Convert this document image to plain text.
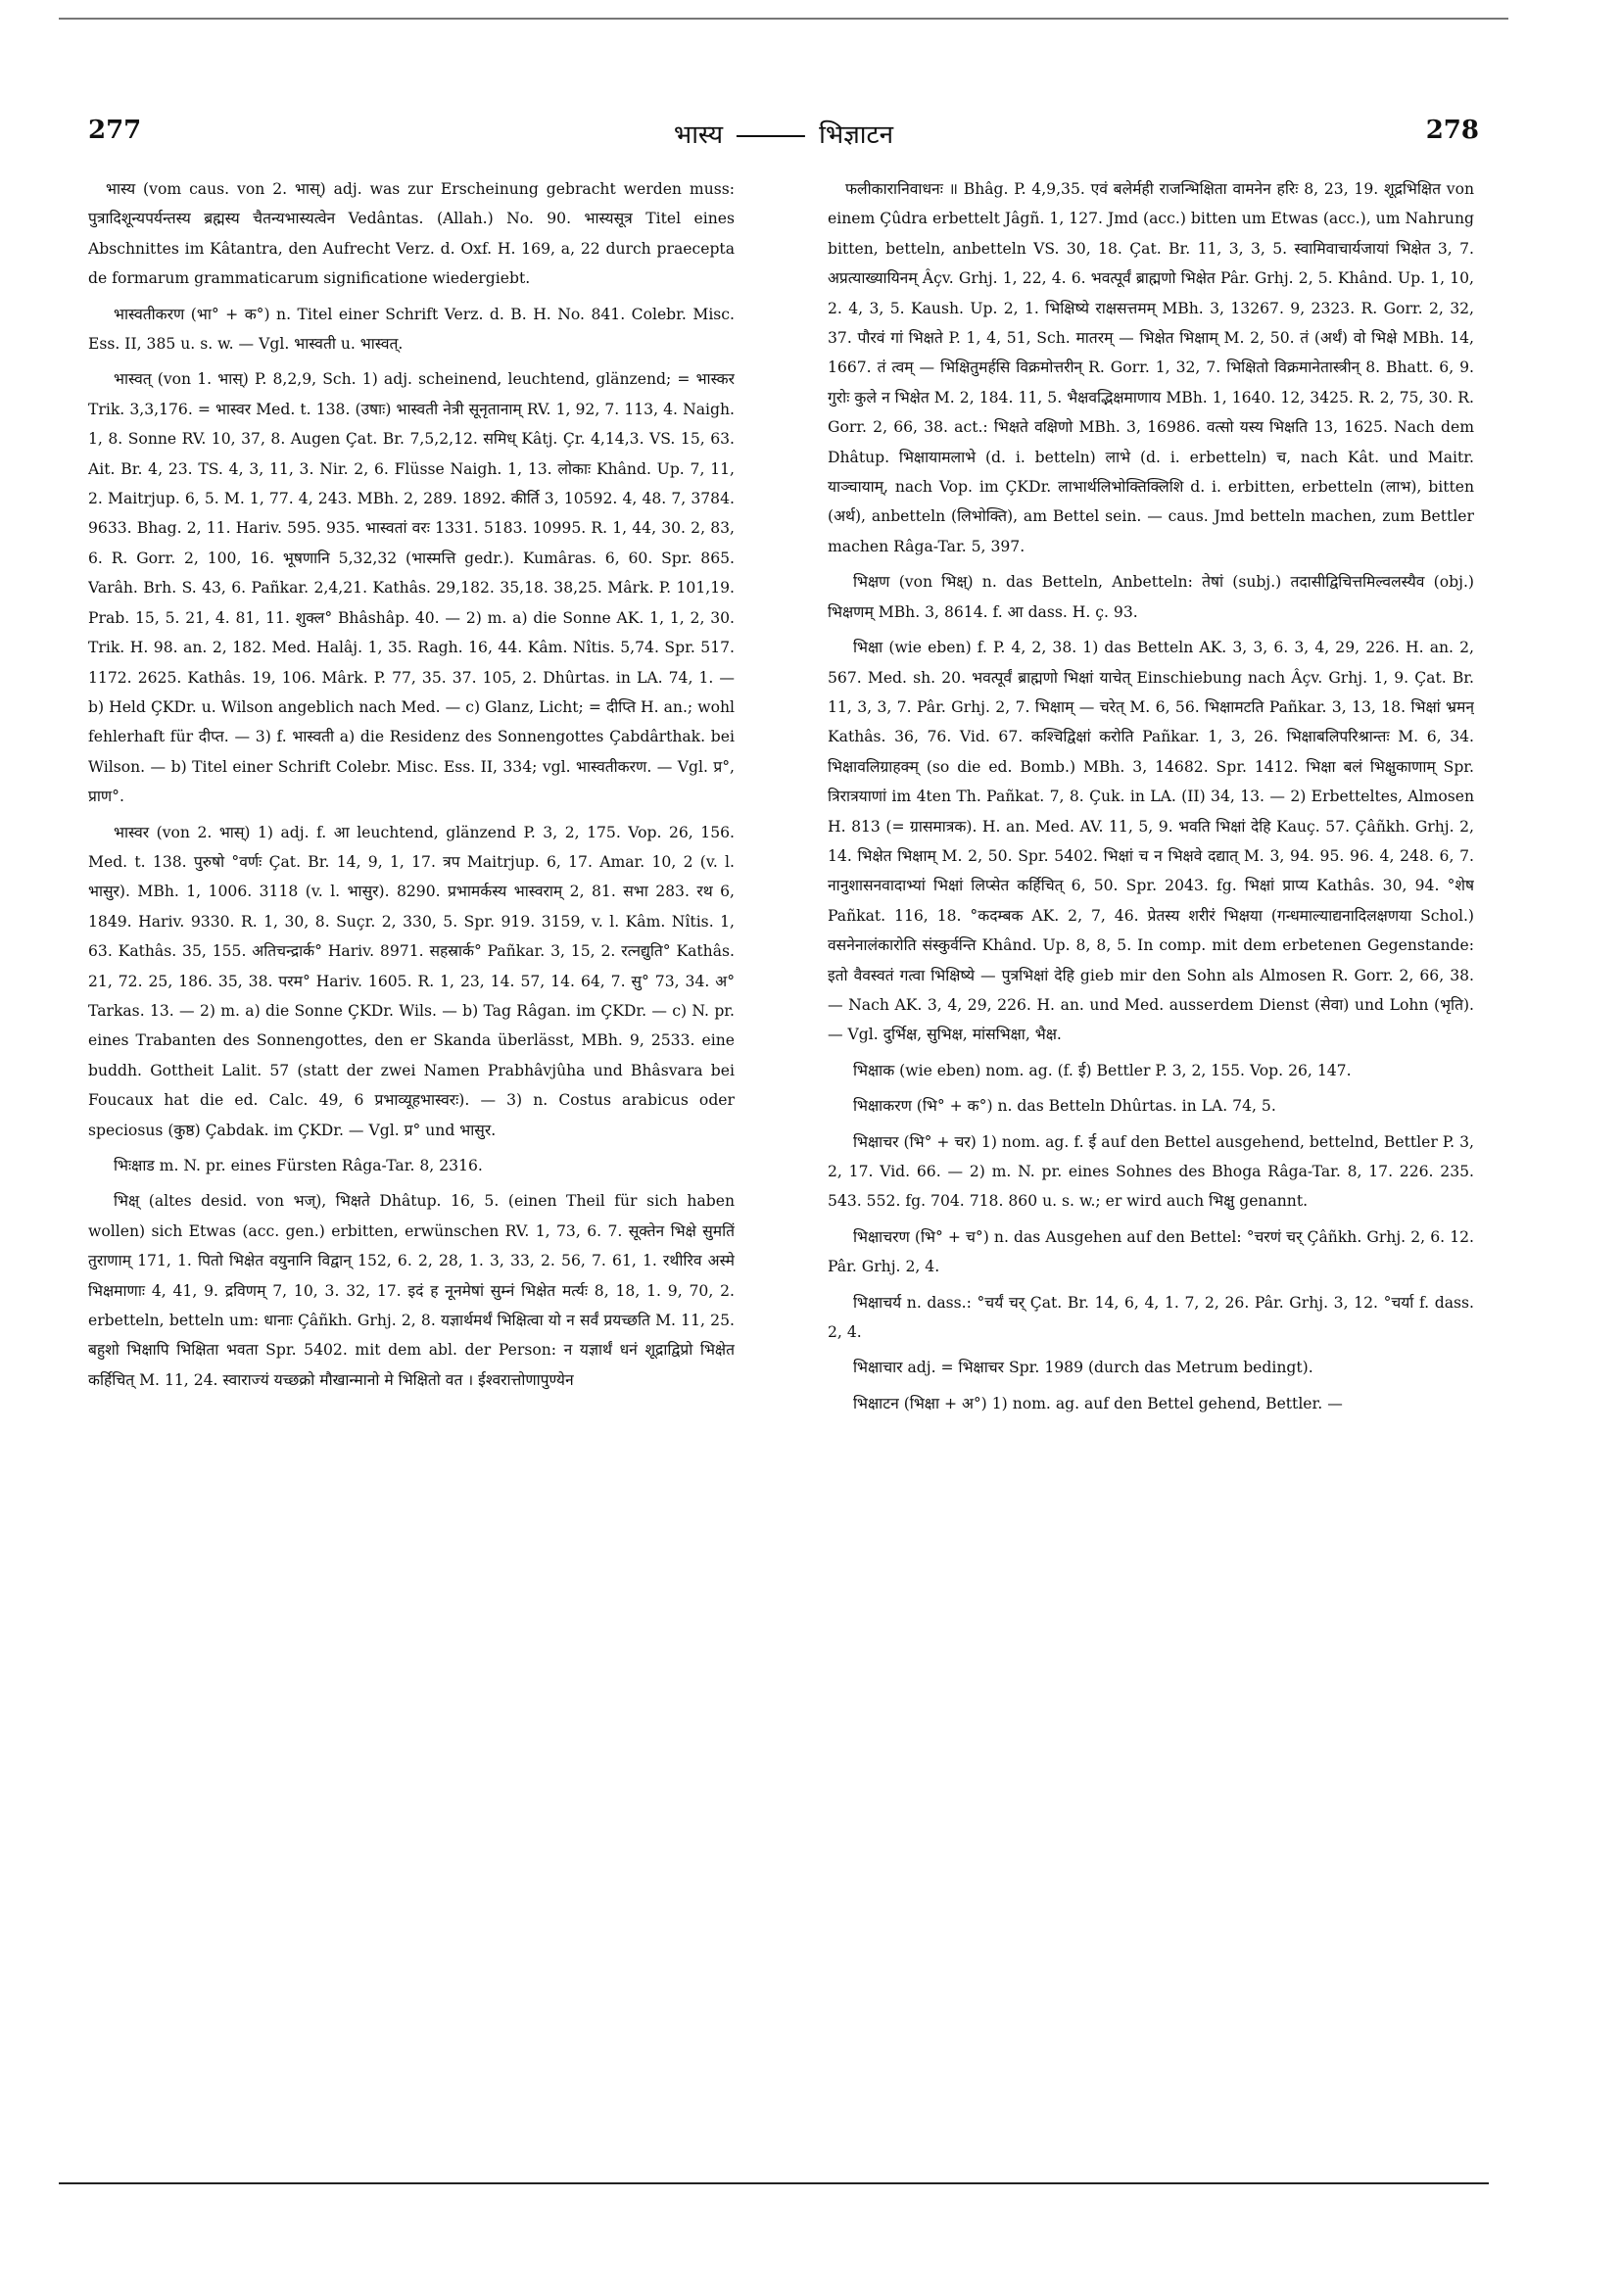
277	भास्य	भिज्ञाटन	278

भास्य (vom caus. von 2. भास्) adj. was zur Erscheinung gebracht werden muss: पुत्रादिशून्यपर्यन्तस्य ब्रह्मस्य चैतन्यभास्यत्वेन Vedântas. (Allah.) No. 90. भास्यसूत्र Titel eines Abschnittes im Kâtantra, den Aufrecht Verz. d. Oxf. H. 169, a, 22 durch praecepta de formarum grammaticarum significatione wiedergiebt.

भास्वतीकरण (भा° + क°) n. Titel einer Schrift Verz. d. B. H. No. 841. Colebr. Misc. Ess. II, 385 u. s. w. — Vgl. भास्वती u. भास्वत्.

भास्वत् (von 1. भास्) P. 8,2,9, Sch. 1) adj. scheinend, leuchtend, glänzend; = भास्कर Trik. 3,3,176. = भास्वर Med. t. 138. (उषाः) भास्वती नेत्री सूनृतानाम् RV. 1, 92, 7. 113, 4. Naigh. 1, 8. Sonne RV. 10, 37, 8. Augen Çat. Br. 7,5,2,12. समिध् Kâtj. Çr. 4,14,3. VS. 15, 63. Ait. Br. 4, 23. TS. 4, 3, 11, 3. Nir. 2, 6. Flüsse Naigh. 1, 13. लोकाः Khând. Up. 7, 11, 2. Maitrjup. 6, 5. M. 1, 77. 4, 243. MBh. 2, 289. 1892. कीर्ति 3, 10592. 4, 48. 7, 3784. 9633. Bhag. 2, 11. Hariv. 595. 935. भास्वतां वरः 1331. 5183. 10995. R. 1, 44, 30. 2, 83, 6. R. Gorr. 2, 100, 16. भूषणानि 5,32,32 (भास्मत्ति gedr.). Kumâras. 6, 60. Spr. 865. Varâh. Brh. S. 43, 6. Pañkar. 2,4,21. Kathâs. 29,182. 35,18. 38,25. Mârk. P. 101,19. Prab. 15, 5. 21, 4. 81, 11. शुक्ल° Bhâshâp. 40. — 2) m. a) die Sonne AK. 1, 1, 2, 30. Trik. H. 98. an. 2, 182. Med. Halâj. 1, 35. Ragh. 16, 44. Kâm. Nîtis. 5,74. Spr. 517. 1172. 2625. Kathâs. 19, 106. Mârk. P. 77, 35. 37. 105, 2. Dhûrtas. in LA. 74, 1. — b) Held ÇKDr. u. Wilson angeblich nach Med. — c) Glanz, Licht; = दीप्ति H. an.; wohl fehlerhaft für दीप्त. — 3) f. भास्वती a) die Residenz des Sonnengottes Çabdârthak. bei Wilson. — b) Titel einer Schrift Colebr. Misc. Ess. II, 334; vgl. भास्वतीकरण. — Vgl. प्र°, प्राण°.

भास्वर (von 2. भास्) 1) adj. f. आ leuchtend, glänzend P. 3, 2, 175. Vop. 26, 156. Med. t. 138. पुरुषो °वर्णः Çat. Br. 14, 9, 1, 17. त्रप Maitrjup. 6, 17. Amar. 10, 2 (v. l. भासुर). MBh. 1, 1006. 3118 (v. l. भासुर). 8290. प्रभामर्कस्य भास्वराम् 2, 81. सभा 283. रथ 6, 1849. Hariv. 9330. R. 1, 30, 8. Suçr. 2, 330, 5. Spr. 919. 3159, v. l. Kâm. Nîtis. 1, 63. Kathâs. 35, 155. अतिचन्द्रार्क° Hariv. 8971. सहस्रार्क° Pañkar. 3, 15, 2. रत्नद्युति° Kathâs. 21, 72. 25, 186. 35, 38. परम° Hariv. 1605. R. 1, 23, 14. 57, 14. 64, 7. सु° 73, 34. अ° Tarkas. 13. — 2) m. a) die Sonne ÇKDr. Wils. — b) Tag Râgan. im ÇKDr. — c) N. pr. eines Trabanten des Sonnengottes, den er Skanda überlässt, MBh. 9, 2533. eine buddh. Gottheit Lalit. 57 (statt der zwei Namen Prabhâvjûha und Bhâsvara bei Foucaux hat die ed. Calc. 49, 6 प्रभाव्यूहभास्वरः). — 3) n. Costus arabicus oder speciosus (कुष्ठ) Çabdak. im ÇKDr. — Vgl. प्र° und भासुर.

भिःक्षाड m. N. pr. eines Fürsten Râga-Tar. 8, 2316.

भिक्ष् (altes desid. von भज्), भिक्षते Dhâtup. 16, 5. (einen Theil für sich haben wollen) sich Etwas (acc. gen.) erbitten, erwünschen RV. 1, 73, 6. 7. सूक्तेन भिक्षे सुमतिं तुराणाम् 171, 1. पितो भिक्षेत वयुनानि विद्वान् 152, 6. 2, 28, 1. 3, 33, 2. 56, 7. 61, 1. रथीरिव अस्मे भिक्षमाणाः 4, 41, 9. द्रविणम् 7, 10, 3. 32, 17. इदं ह नूनमेषां सुम्नं भिक्षेत मर्त्यः 8, 18, 1. 9, 70, 2. erbetteln, betteln um: धानाः Çâñkh. Grhj. 2, 8. यज्ञार्थमर्थं भिक्षित्वा यो न सर्वं प्रयच्छति M. 11, 25. बहुशो भिक्षापि भिक्षिता भवता Spr. 5402. mit dem abl. der Person: न यज्ञार्थं धनं शूद्राद्विप्रो भिक्षेत कर्हिचित् M. 11, 24. स्वाराज्यं यच्छक्रो मौखान्मानो मे भिक्षितो वत । ईश्वरात्तोणापुण्येन

फलीकारानिवाधनः ॥ Bhâg. P. 4,9,35. एवं बलेर्मही राजन्भिक्षिता वामनेन हरिः 8, 23, 19. शूद्रभिक्षित von einem Çûdra erbettelt Jâgñ. 1, 127. Jmd (acc.) bitten um Etwas (acc.), um Nahrung bitten, betteln, anbetteln VS. 30, 18. Çat. Br. 11, 3, 3, 5. स्वामिवाचार्यजायां भिक्षेत 3, 7. अप्रत्याख्यायिनम् Âçv. Grhj. 1, 22, 4. 6. भवत्पूर्वं ब्राह्मणो भिक्षेत Pâr. Grhj. 2, 5. Khând. Up. 1, 10, 2. 4, 3, 5. Kaush. Up. 2, 1. भिक्षिष्ये राक्षसत्तमम् MBh. 3, 13267. 9, 2323. R. Gorr. 2, 32, 37. पौरवं गां भिक्षते P. 1, 4, 51, Sch. मातरम् — भिक्षेत भिक्षाम् M. 2, 50. तं (अर्थं) वो भिक्षे MBh. 14, 1667. तं त्वम् — भिक्षितुमर्हसि विक्रमोत्तरीन् R. Gorr. 1, 32, 7. भिक्षितो विक्रमानेतास्त्रीन् 8. Bhatt. 6, 9. गुरोः कुले न भिक्षेत M. 2, 184. 11, 5. भैक्षवद्भिक्षमाणाय MBh. 1, 1640. 12, 3425. R. 2, 75, 30. R. Gorr. 2, 66, 38. act.: भिक्षते वक्षिणो MBh. 3, 16986. वत्सो यस्य भिक्षति 13, 1625. Nach dem Dhâtup. भिक्षायामलाभे (d. i. betteln) लाभे (d. i. erbetteln) च, nach Kât. und Maitr. याञ्चायाम्, nach Vop. im ÇKDr. लाभार्थलिभोक्तिक्लिशि d. i. erbitten, erbetteln (लाभ), bitten (अर्थ), anbetteln (लिभोक्ति), am Bettel sein. — caus. Jmd betteln machen, zum Bettler machen Râga-Tar. 5, 397.

भिक्षण (von भिक्ष्) n. das Betteln, Anbetteln: तेषां (subj.) तदासीद्विचित्तमिल्वलस्यैव (obj.) भिक्षणम् MBh. 3, 8614. f. आ dass. H. ç. 93.

भिक्षा (wie eben) f. P. 4, 2, 38. 1) das Betteln AK. 3, 3, 6. 3, 4, 29, 226. H. an. 2, 567. Med. sh. 20. भवत्पूर्वं ब्राह्मणो भिक्षां याचेत् Einschiebung nach Âçv. Grhj. 1, 9. Çat. Br. 11, 3, 3, 7. Pâr. Grhj. 2, 7. भिक्षाम् — चरेत् M. 6, 56. भिक्षामटति Pañkar. 3, 13, 18. भिक्षां भ्रमन् Kathâs. 36, 76. Vid. 67. कश्चिद्विक्षां करोति Pañkar. 1, 3, 26. भिक्षाबलिपरिश्रान्तः M. 6, 34. भिक्षावलिग्राहक्म् (so die ed. Bomb.) MBh. 3, 14682. Spr. 1412. भिक्षा बलं भिक्षुकाणाम् Spr. त्रिरात्रयाणां im 4ten Th. Pañkat. 7, 8. Çuk. in LA. (II) 34, 13. — 2) Erbetteltes, Almosen H. 813 (= ग्रासमात्रक). H. an. Med. AV. 11, 5, 9. भवति भिक्षां देहि Kauç. 57. Çâñkh. Grhj. 2, 14. भिक्षेत भिक्षाम् M. 2, 50. Spr. 5402. भिक्षां च न भिक्षवे दद्यात् M. 3, 94. 95. 96. 4, 248. 6, 7. नानुशासनवादाभ्यां भिक्षां लिप्सेत कर्हिचित् 6, 50. Spr. 2043. fg. भिक्षां प्राप्य Kathâs. 30, 94. °शेष Pañkat. 116, 18. °कदम्बक AK. 2, 7, 46. प्रेतस्य शरीरं भिक्षया (गन्धमाल्याद्यनादिलक्षणया Schol.) वसनेनालंकारोति संस्कुर्वन्ति Khând. Up. 8, 8, 5. In comp. mit dem erbetenen Gegenstande: इतो वैवस्वतं गत्वा भिक्षिष्ये — पुत्रभिक्षां देहि gieb mir den Sohn als Almosen R. Gorr. 2, 66, 38. — Nach AK. 3, 4, 29, 226. H. an. und Med. ausserdem Dienst (सेवा) und Lohn (भृति). — Vgl. दुर्भिक्ष, सुभिक्ष, मांसभिक्षा, भैक्ष.

भिक्षाक (wie eben) nom. ag. (f. ई) Bettler P. 3, 2, 155. Vop. 26, 147.

भिक्षाकरण (भि° + क°) n. das Betteln Dhûrtas. in LA. 74, 5.

भिक्षाचर (भि° + चर) 1) nom. ag. f. ई auf den Bettel ausgehend, bettelnd, Bettler P. 3, 2, 17. Vid. 66. — 2) m. N. pr. eines Sohnes des Bhoga Râga-Tar. 8, 17. 226. 235. 543. 552. fg. 704. 718. 860 u. s. w.; er wird auch भिक्षु genannt.

भिक्षाचरण (भि° + च°) n. das Ausgehen auf den Bettel: °चरणं चर् Çâñkh. Grhj. 2, 6. 12. Pâr. Grhj. 2, 4.

भिक्षाचर्य n. dass.: °चर्यं चर् Çat. Br. 14, 6, 4, 1. 7, 2, 26. Pâr. Grhj. 3, 12. °चर्या f. dass. 2, 4.

भिक्षाचार adj. = भिक्षाचर Spr. 1989 (durch das Metrum bedingt).

भिक्षाटन (भिक्षा + अ°) 1) nom. ag. auf den Bettel gehend, Bettler. —
